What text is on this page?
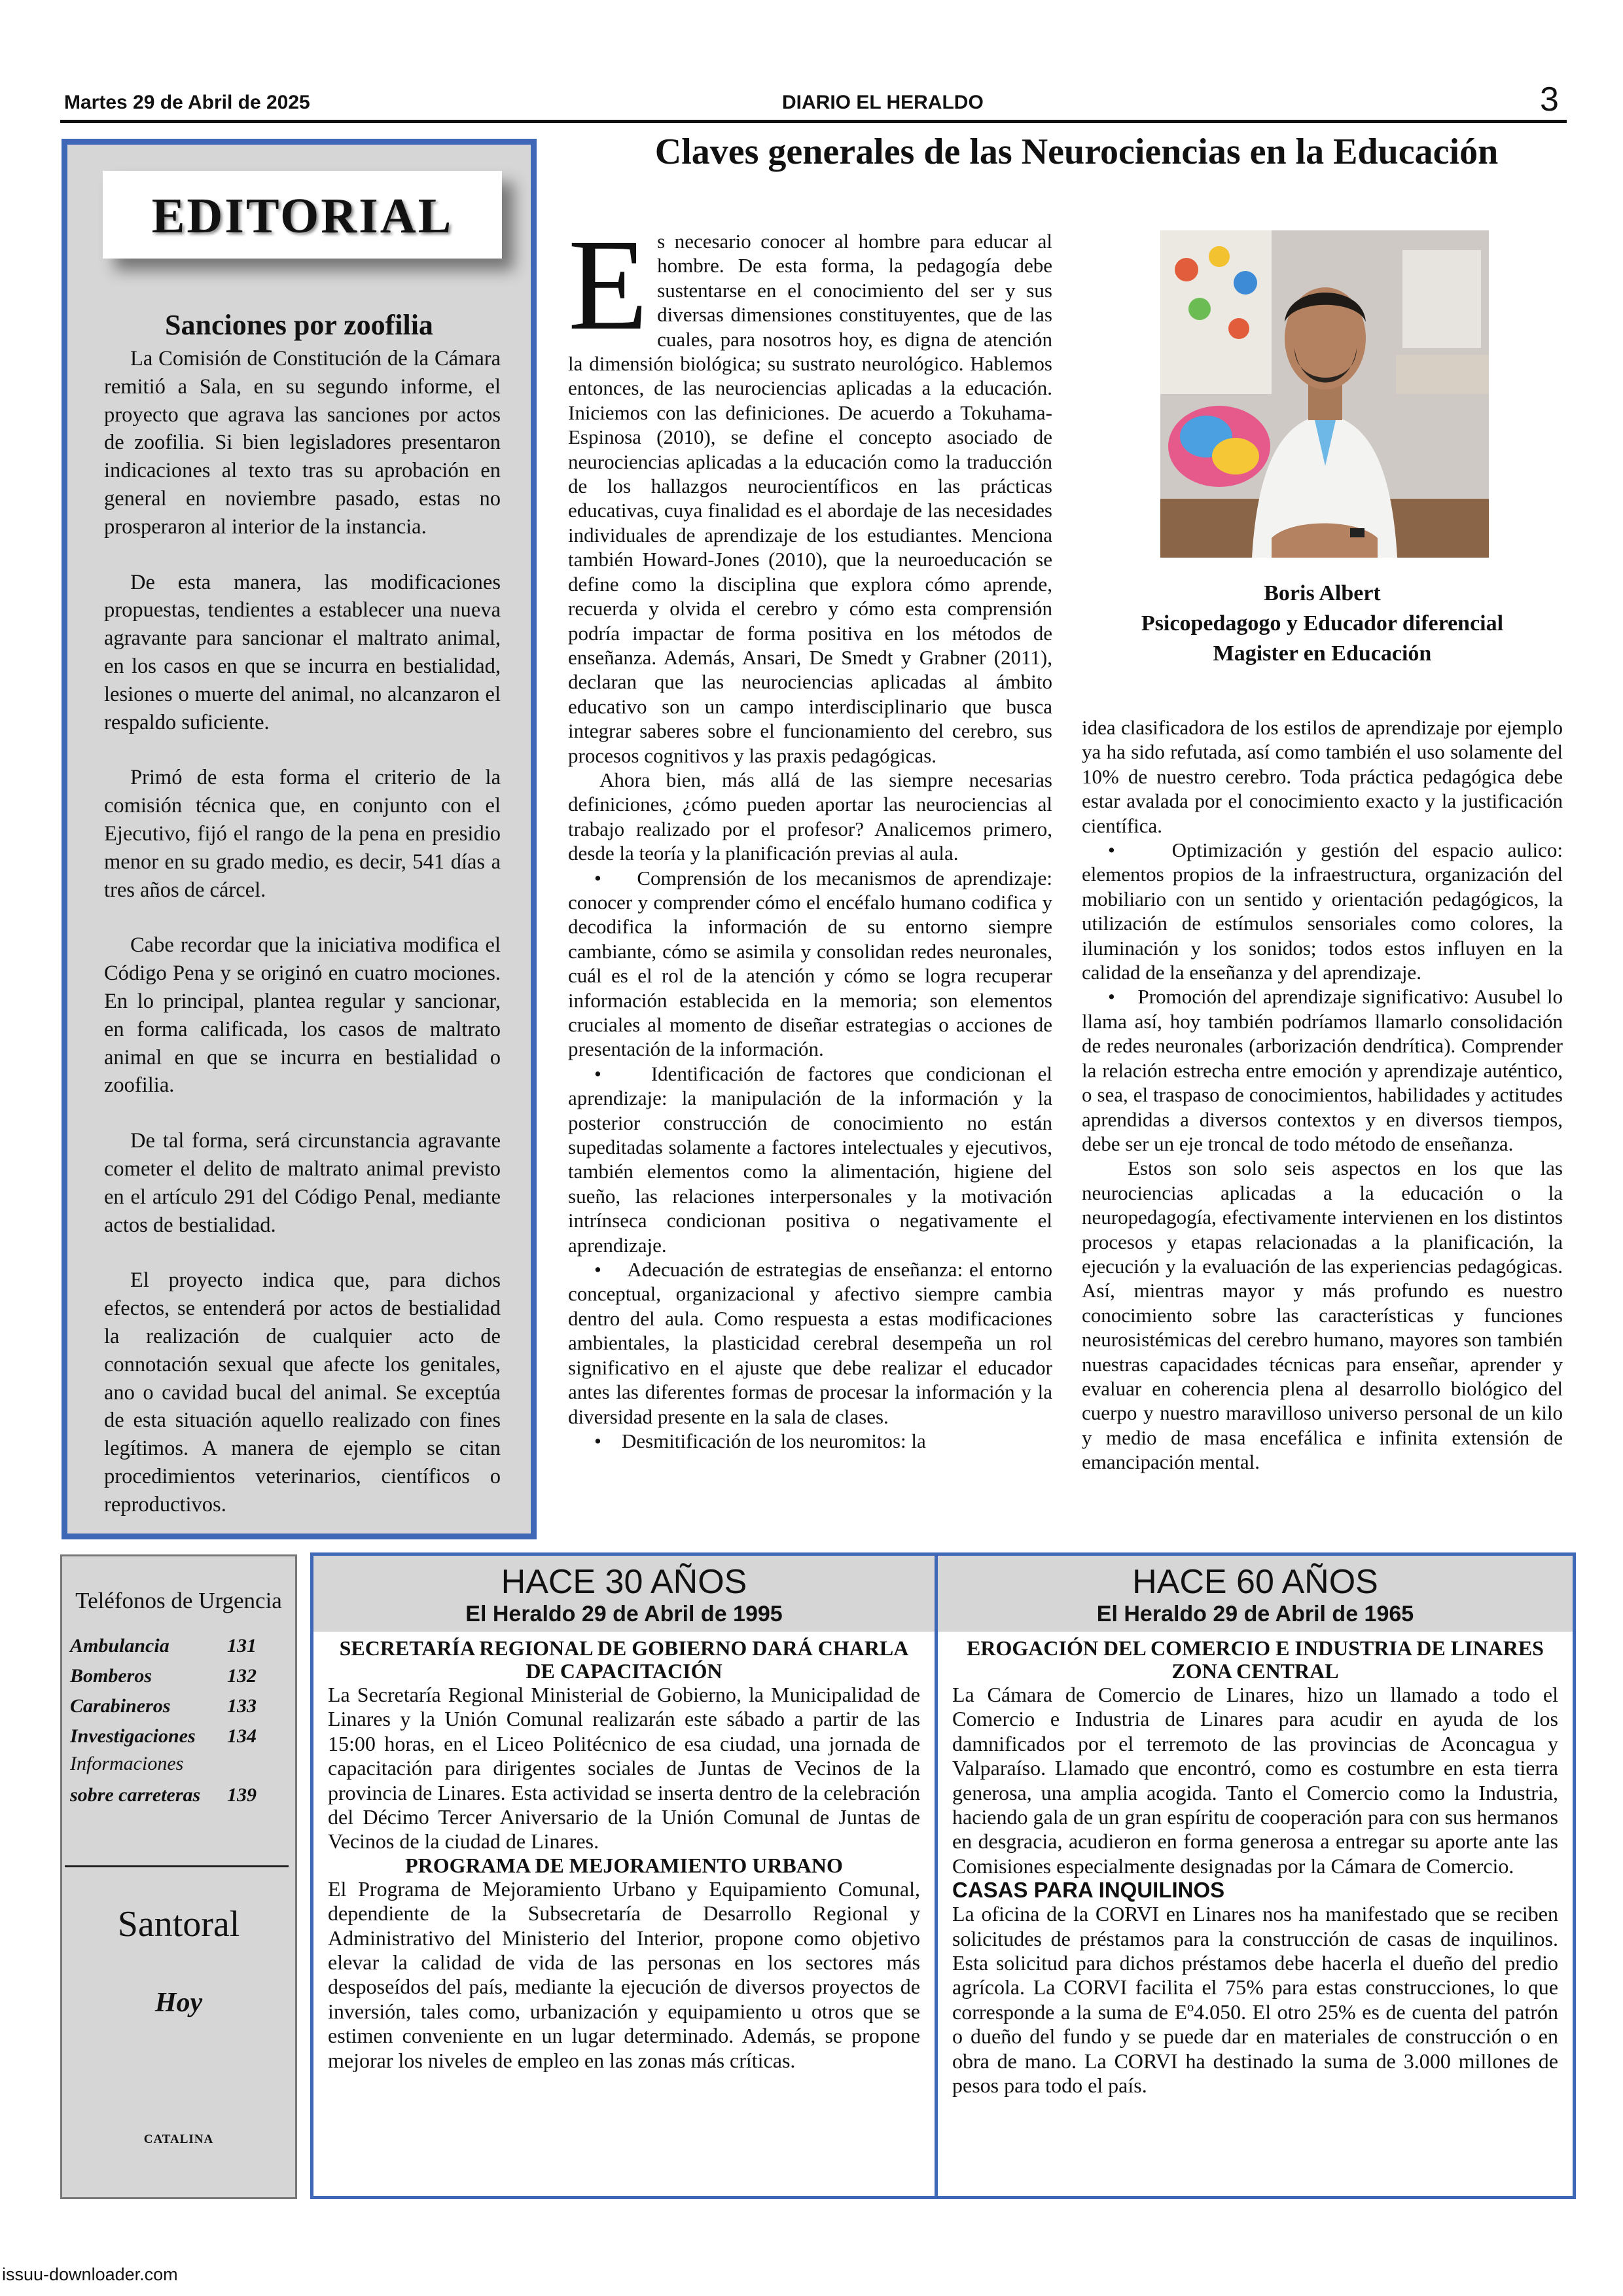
Martes 29 de Abril de 2025	DIARIO EL HERALDO	3
EDITORIAL
Sanciones por zoofilia

La Comisión de Constitución de la Cámara remitió a Sala, en su segundo informe, el proyecto que agrava las sanciones por actos de zoofilia. Si bien legisladores presentaron indicaciones al texto tras su aprobación en general en noviembre pasado, estas no prosperaron al interior de la instancia.

De esta manera, las modificaciones propuestas, tendientes a establecer una nueva agravante para sancionar el maltrato animal, en los casos en que se incurra en bestialidad, lesiones o muerte del animal, no alcanzaron el respaldo suficiente.

Primó de esta forma el criterio de la comisión técnica que, en conjunto con el Ejecutivo, fijó el rango de la pena en presidio menor en su grado medio, es decir, 541 días a tres años de cárcel.

Cabe recordar que la iniciativa modifica el Código Pena y se originó en cuatro mociones. En lo principal, plantea regular y sancionar, en forma calificada, los casos de maltrato animal en que se incurra en bestialidad o zoofilia.

De tal forma, será circunstancia agravante cometer el delito de maltrato animal previsto en el artículo 291 del Código Penal, mediante actos de bestialidad.

El proyecto indica que, para dichos efectos, se entenderá por actos de bestialidad la realización de cualquier acto de connotación sexual que afecte los genitales, ano o cavidad bucal del animal. Se exceptúa de esta situación aquello realizado con fines legítimos. A manera de ejemplo se citan procedimientos veterinarios, científicos o reproductivos.

Claves generales de las Neurociencias en la Educación

Es necesario conocer al hombre para educar al hombre. De esta forma, la pedagogía debe sustentarse en el conocimiento del ser y sus diversas dimensiones constituyentes, que de las cuales, para nosotros hoy, es digna de atención la dimensión biológica; su sustrato neurológico. Hablemos entonces, de las neurociencias aplicadas a la educación. Iniciemos con las definiciones. De acuerdo a Tokuhama-Espinosa (2010), se define el concepto asociado de neurociencias aplicadas a la educación como la traducción de los hallazgos neurocientíficos en las prácticas educativas, cuya finalidad es el abordaje de las necesidades individuales de aprendizaje de los estudiantes. Menciona también Howard-Jones (2010), que la neuroeducación se define como la disciplina que explora cómo aprende, recuerda y olvida el cerebro y cómo esta comprensión podría impactar de forma positiva en los métodos de enseñanza. Además, Ansari, De Smedt y Grabner (2011), declaran que las neurociencias aplicadas al ámbito educativo son un campo interdisciplinario que busca integrar saberes sobre el funcionamiento del cerebro, sus procesos cognitivos y las praxis pedagógicas.

Ahora bien, más allá de las siempre necesarias definiciones, ¿cómo pueden aportar las neurociencias al trabajo realizado por el profesor? Analicemos primero, desde la teoría y la planificación previas al aula.

•    Comprensión de los mecanismos de aprendizaje: conocer y comprender cómo el encéfalo humano codifica y decodifica la información de su entorno siempre cambiante, cómo se asimila y consolidan redes neuronales, cuál es el rol de la atención y cómo se logra recuperar información establecida en la memoria; son elementos cruciales al momento de diseñar estrategias o acciones de presentación de la información.

•    Identificación de factores que condicionan el aprendizaje: la manipulación de la información y la posterior construcción de conocimiento no están supeditadas solamente a factores intelectuales y ejecutivos, también elementos como la alimentación, higiene del sueño, las relaciones interpersonales y la motivación intrínseca condicionan positiva o negativamente el aprendizaje.

•    Adecuación de estrategias de enseñanza: el entorno conceptual, organizacional y afectivo siempre cambia dentro del aula. Como respuesta a estas modificaciones ambientales, la plasticidad cerebral desempeña un rol significativo en el ajuste que debe realizar el educador antes las diferentes formas de procesar la información y la diversidad presente en la sala de clases.

•    Desmitificación de los neuromitos: la

Boris Albert
Psicopedagogo y Educador diferencial
Magister en Educación

idea clasificadora de los estilos de aprendizaje por ejemplo ya ha sido refutada, así como también el uso solamente del 10% de nuestro cerebro. Toda práctica pedagógica debe estar avalada por el conocimiento exacto y la justificación científica.

•    Optimización y gestión del espacio aulico: elementos propios de la infraestructura, organización del mobiliario con un sentido y orientación pedagógicos, la utilización de estímulos sensoriales como colores, la iluminación y los sonidos; todos estos influyen en la calidad de la enseñanza y del aprendizaje.

•    Promoción del aprendizaje significativo: Ausubel lo llama así, hoy también podríamos llamarlo consolidación de redes neuronales (arborización dendrítica). Comprender la relación estrecha entre emoción y aprendizaje auténtico, o sea, el traspaso de conocimientos, habilidades y actitudes aprendidas a diversos contextos y en diversos tiempos, debe ser un eje troncal de todo método de enseñanza.

Estos son solo seis aspectos en los que las neurociencias aplicadas a la educación o la neuropedagogía, efectivamente intervienen en los distintos procesos y etapas relacionadas a la planificación, la ejecución y la evaluación de las experiencias pedagógicas. Así, mientras mayor y más profundo es nuestro conocimiento sobre las características y funciones neurosistémicas del cerebro humano, mayores son también nuestras capacidades técnicas para enseñar, aprender y evaluar en coherencia plena al desarrollo biológico del cuerpo y nuestro maravilloso universo personal de un kilo y medio de masa encefálica e infinita extensión de emancipación mental.

Teléfonos de Urgencia
Ambulancia	131
Bomberos	132
Carabineros	133
Investigaciones 134
Informaciones
sobre carreteras 139
Santoral
Hoy
CATALINA
HACE 30 AÑOS
El Heraldo 29 de Abril de 1995

SECRETARÍA REGIONAL DE GOBIERNO DARÁ CHARLA DE CAPACITACIÓN

La Secretaría Regional Ministerial de Gobierno, la Municipalidad de Linares y la Unión Comunal realizarán este sábado a partir de las 15:00 horas, en el Liceo Politécnico de esa ciudad, una jornada de capacitación para dirigentes sociales de Juntas de Vecinos de la provincia de Linares. Esta actividad se inserta dentro de la celebración del Décimo Tercer Aniversario de la Unión Comunal de Juntas de Vecinos de la ciudad de Linares.

PROGRAMA DE MEJORAMIENTO URBANO

El Programa de Mejoramiento Urbano y Equipamiento Comunal, dependiente de la Subsecretaría de Desarrollo Regional y Administrativo del Ministerio del Interior, propone como objetivo elevar la calidad de vida de las personas en los sectores más desposeídos del país, mediante la ejecución de diversos proyectos de inversión, tales como, urbanización y equipamiento u otros que se estimen conveniente en un lugar determinado. Además, se propone mejorar los niveles de empleo en las zonas más críticas.

HACE 60 AÑOS
El Heraldo 29 de Abril de 1965

EROGACIÓN DEL COMERCIO E INDUSTRIA DE LINARES ZONA CENTRAL

La Cámara de Comercio de Linares, hizo un llamado a todo el Comercio e Industria de Linares para acudir en ayuda de los damnificados por el terremoto de las provincias de Aconcagua y Valparaíso. Llamado que encontró, como es costumbre en esta tierra generosa, una amplia acogida. Tanto el Comercio como la Industria, haciendo gala de un gran espíritu de cooperación para con sus hermanos en desgracia, acudieron en forma generosa a entregar su aporte ante las Comisiones especialmente designadas por la Cámara de Comercio.

CASAS PARA INQUILINOS

La oficina de la CORVI en Linares nos ha manifestado que se reciben solicitudes de préstamos para la construcción de casas de inquilinos. Esta solicitud para dichos préstamos debe hacerla el dueño del predio agrícola. La CORVI facilita el 75% para estas construcciones, lo que corresponde a la suma de Eº4.050. El otro 25% es de cuenta del patrón o dueño del fundo y se puede dar en materiales de construcción o en obra de mano. La CORVI ha destinado la suma de 3.000 millones de pesos para todo el país.

issuu-downloader.com
